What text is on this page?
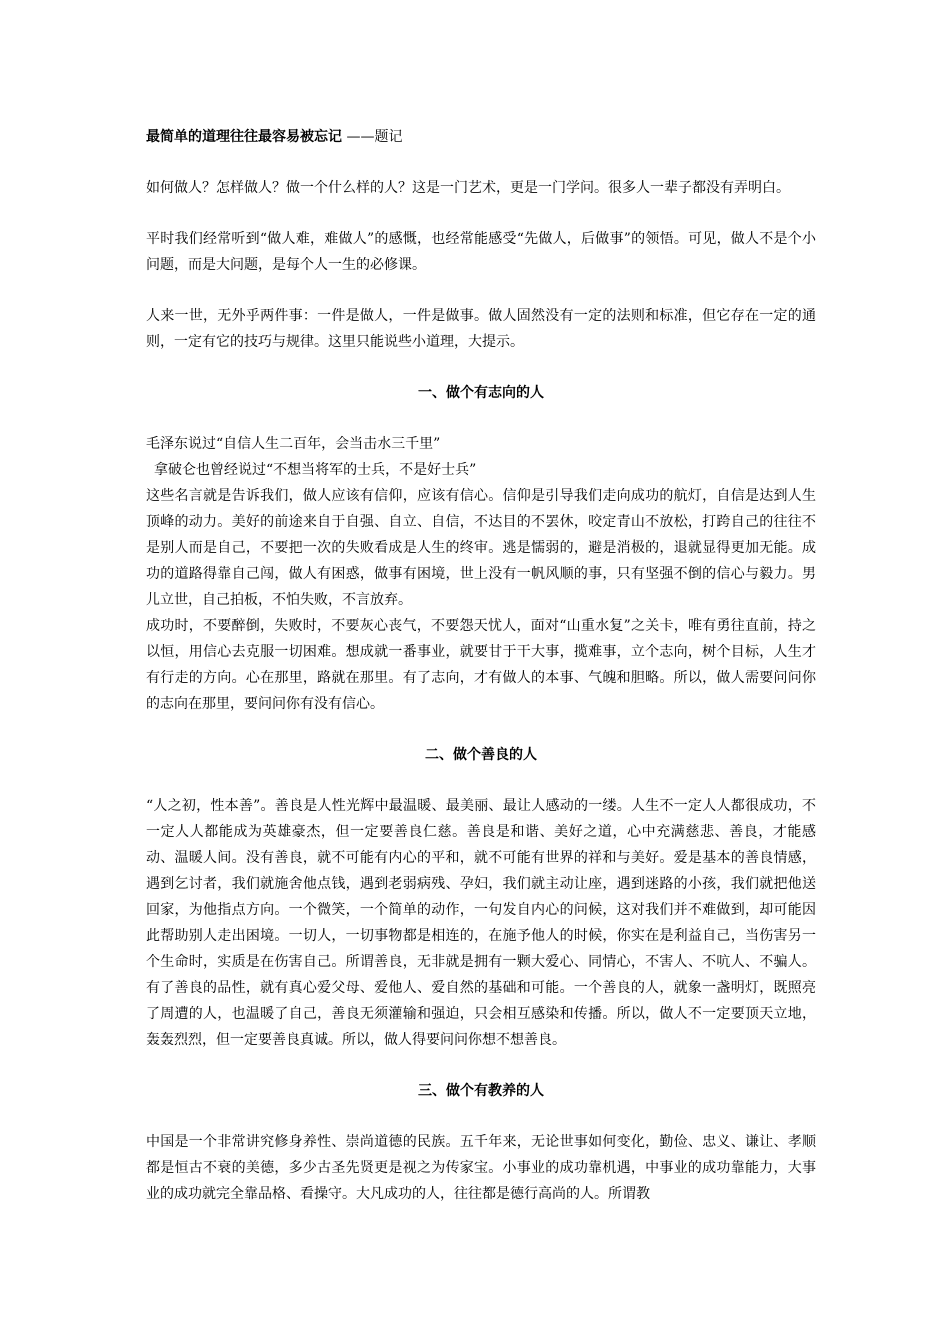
最简单的道理往往最容易被忘记 ——题记

如何做人？怎样做人？做一个什么样的人？这是一门艺术，更是一门学问。很多人一辈子都没有弄明白。

平时我们经常听到“做人难，难做人”的感慨，也经常能感受“先做人，后做事”的领悟。可见，做人不是个小问题，而是大问题，是每个人一生的必修课。

人来一世，无外乎两件事：一件是做人，一件是做事。做人固然没有一定的法则和标准，但它存在一定的通则，一定有它的技巧与规律。这里只能说些小道理，大提示。

一、做个有志向的人
毛泽东说过“自信人生二百年，会当击水三千里”
拿破仑也曾经说过“不想当将军的士兵，不是好士兵”

这些名言就是告诉我们，做人应该有信仰，应该有信心。信仰是引导我们走向成功的航灯，自信是达到人生顶峰的动力。美好的前途来自于自强、自立、自信，不达目的不罢休，咬定青山不放松，打跨自己的往往不是别人而是自己，不要把一次的失败看成是人生的终审。逃是懦弱的，避是消极的，退就显得更加无能。成功的道路得靠自己闯，做人有困惑，做事有困境，世上没有一帆风顺的事，只有坚强不倒的信心与毅力。男儿立世，自己拍板，不怕失败，不言放弃。

成功时，不要醉倒，失败时，不要灰心丧气，不要怨天忧人，面对“山重水复”之关卡，唯有勇往直前，持之以恒，用信心去克服一切困难。想成就一番事业，就要甘于干大事，揽难事，立个志向，树个目标，人生才有行走的方向。心在那里，路就在那里。有了志向，才有做人的本事、气魄和胆略。所以，做人需要问问你的志向在那里，要问问你有没有信心。

二、做个善良的人

“人之初，性本善”。善良是人性光辉中最温暖、最美丽、最让人感动的一缕。人生不一定人人都很成功，不一定人人都能成为英雄豪杰，但一定要善良仁慈。善良是和谐、美好之道，心中充满慈悲、善良，才能感动、温暖人间。没有善良，就不可能有内心的平和，就不可能有世界的祥和与美好。爱是基本的善良情感，遇到乞讨者，我们就施舍他点钱，遇到老弱病残、孕妇，我们就主动让座，遇到迷路的小孩，我们就把他送回家，为他指点方向。一个微笑，一个简单的动作，一句发自内心的问候，这对我们并不难做到，却可能因此帮助别人走出困境。一切人，一切事物都是相连的，在施予他人的时候，你实在是利益自己，当伤害另一个生命时，实质是在伤害自己。所谓善良，无非就是拥有一颗大爱心、同情心，不害人、不吭人、不骗人。有了善良的品性，就有真心爱父母、爱他人、爱自然的基础和可能。一个善良的人，就象一盏明灯，既照亮了周遭的人，也温暖了自己，善良无须灌输和强迫，只会相互感染和传播。所以，做人不一定要顶天立地，轰轰烈烈，但一定要善良真诚。所以，做人得要问问你想不想善良。

三、做个有教养的人

中国是一个非常讲究修身养性、崇尚道德的民族。五千年来，无论世事如何变化，勤俭、忠义、谦让、孝顺都是恒古不衰的美德，多少古圣先贤更是视之为传家宝。小事业的成功靠机遇，中事业的成功靠能力，大事业的成功就完全靠品格、看操守。大凡成功的人，往往都是德行高尚的人。所谓教
